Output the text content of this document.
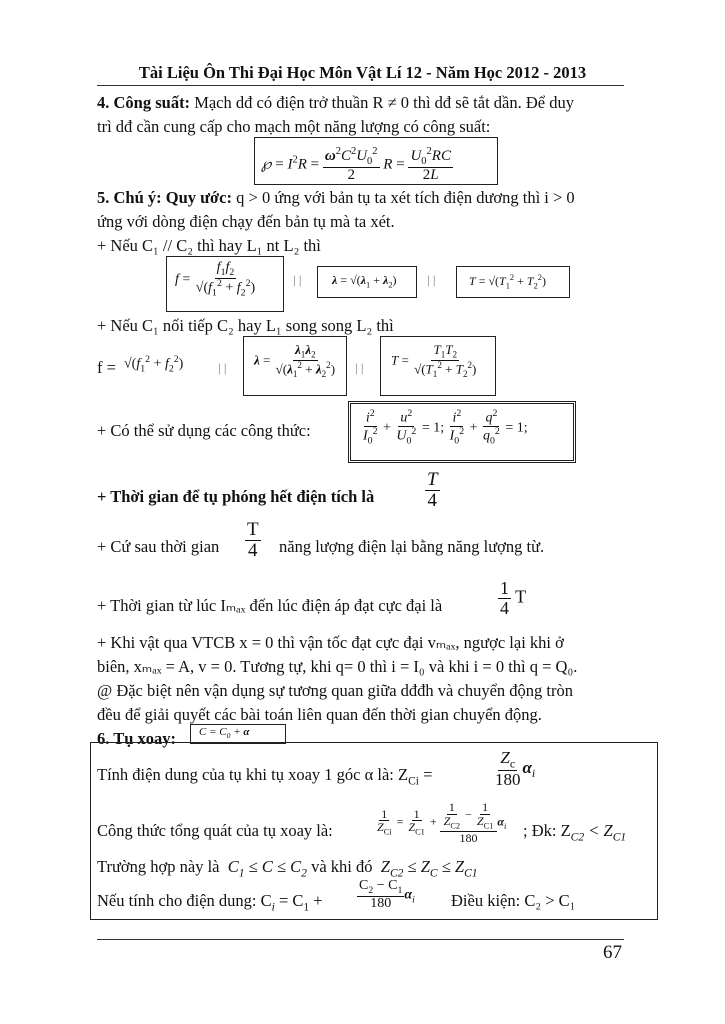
Tài Liệu Ôn Thi Đại Học Môn Vật Lí 12 - Năm Học 2012 - 2013
4. Công suất: Mạch dđ có điện trở thuần R ≠ 0 thì dđ sẽ tắt dần. Để duy
trì dđ cần cung cấp cho mạch một năng lượng có công suất:
℘ = $I^2R = \frac{\omega^2C^2U_0^2}{2}$ $R = \frac{U_0^2RC}{2L}$
5. Chú ý: Quy ước: q > 0 ứng với bản tụ ta xét tích điện dương thì i > 0
ứng với dòng điện chạy đến bản tụ mà ta xét.
+ Nếu C₁ // C₂ thì hay L₁ nt L₂ thì
$f = \frac{f_1f_2}{√(f_1^2 + f_2^2)}$	| |	$\lambda = √(\lambda_1 + \lambda_2)$ | |	$T = √(T_1^2 + T_2^2)$
+ Nếu C₁ nối tiếp C₂ hay L₁ song song L₂ thì
$f = √(f_1^2 + f_2^2)$	| |
$\lambda = \frac{\lambda_1\lambda_2}{√(\lambda_1^2 + \lambda_2^2)}$ | |
$T = \frac{T_1T_2}{√(T_1^2 + T_2^2)}$
+ Có thể sử dụng các công thức:	$\frac{i^2}{I_0^2} + \frac{u^2}{U_0^2} = 1$; $\frac{i^2}{I_0^2} + \frac{q^2}{q_0^2} = 1$;
+ Thời gian để tụ phóng hết điện tích là	$\frac{T}{4}$
+ Cứ sau thời gian $\frac{T}{4}$ năng lượng điện lại bằng năng lượng từ.
+ Thời gian từ lúc Iₘₐₓ đến lúc điện áp đạt cực đại là	$\frac{1}{4}$ T
+ Khi vật qua VTCB x = 0 thì vận tốc đạt cực đại vₘₐₓ, ngược lại khi ở
biên, xₘₐₓ = A, v = 0. Tương tự, khi q= 0 thì i = I₀ và khi i = 0 thì q = Q₀.
@ Đặc biệt nên vận dụng sự tương quan giữa dđđh và chuyển động tròn
đều để giải quyết các bài toán liên quan đến thời gian chuyển động.
6. Tụ xoay: $C = C_0 + \alpha$
Tính điện dung của tụ khi tụ xoay 1 góc α là: $Z_{Ci}$ =	$\frac{Z_c}{180} \alpha_i$
Công thức tổng quát của tụ xoay là:	$\frac{1}{Z_{Ci}} = \frac{1}{Z_{C1}} + \frac{\frac{1}{Z_{C2}} - \frac{1}{Z_{C1}}}{180} \alpha_i$ ; Đk: $Z_{C2} < Z_{C1}$
Trường hợp này là  $C_1 \le C \le C_2$ và khi đó  $Z_{C2} \le Z_C \le Z_{C1}$
Nếu tính cho điện dung: $C_i = C_1 + \frac{C_2 - C_1}{180} \alpha_i$ Điều kiện: C₂ > C₁
67
